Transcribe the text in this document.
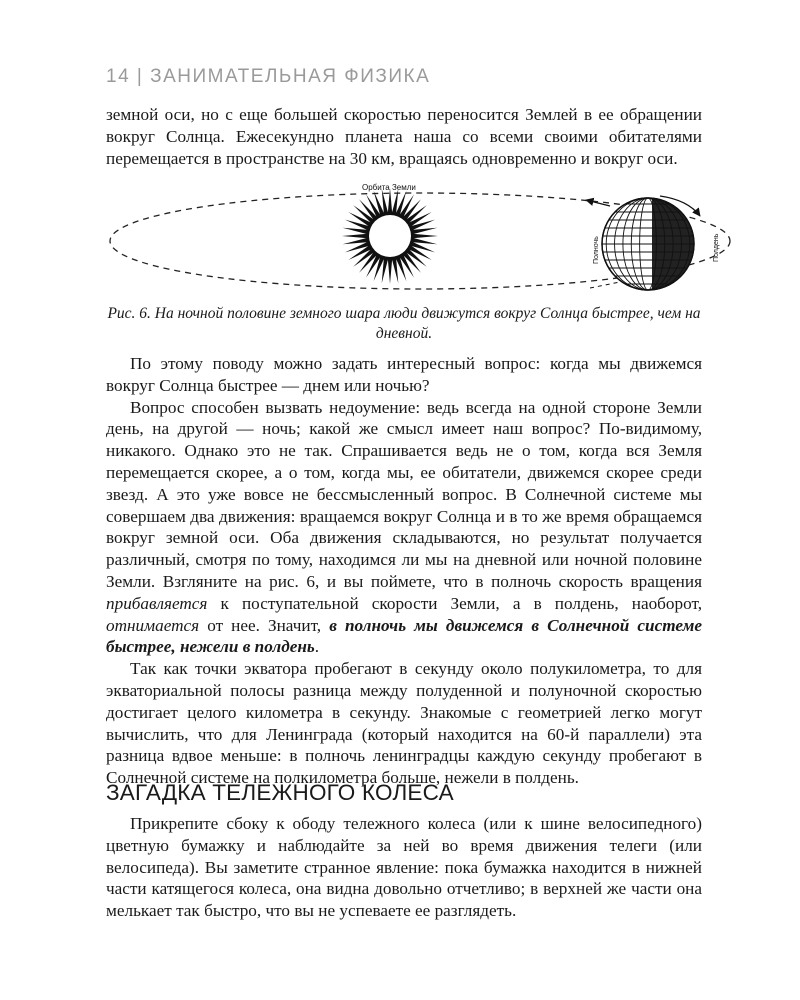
14 | ЗАНИМАТЕЛЬНАЯ ФИЗИКА

земной оси, но с еще большей скоростью переносится Землей в ее обращении вокруг Солнца. Ежесекундно планета наша со всеми своими обитателями перемещается в пространстве на 30 км, вращаясь одновременно и вокруг оси.

Орбита Земли
Полночь	Полдень
Рис. 6. На ночной половине земного шара люди движутся вокруг Солнца быстрее, чем на дневной.

По этому поводу можно задать интересный вопрос: когда мы движемся вокруг Солнца быстрее — днем или ночью?

Вопрос способен вызвать недоумение: ведь всегда на одной стороне Земли день, на другой — ночь; какой же смысл имеет наш вопрос? По-видимому, никакого. Однако это не так. Спрашивается ведь не о том, когда вся Земля перемещается скорее, а о том, когда мы, ее обитатели, движемся скорее среди звезд. А это уже вовсе не бессмысленный вопрос. В Солнечной системе мы совершаем два движения: вращаемся вокруг Солнца и в то же время обращаемся вокруг земной оси. Оба движения складываются, но результат получается различный, смотря по тому, находимся ли мы на дневной или ночной половине Земли. Взгляните на рис. 6, и вы поймете, что в полночь скорость вращения прибавляется к поступательной скорости Земли, а в полдень, наоборот, отнимается от нее. Значит, в полночь мы движемся в Солнечной системе быстрее, нежели в полдень.

Так как точки экватора пробегают в секунду около полукилометра, то для экваториальной полосы разница между полуденной и полуночной скоростью достигает целого километра в секунду. Знакомые с геометрией легко могут вычислить, что для Ленинграда (который находится на 60-й параллели) эта разница вдвое меньше: в полночь ленинградцы каждую секунду пробегают в Солнечной системе на полкилометра больше, нежели в полдень.

ЗАГАДКА ТЕЛЕЖНОГО КОЛЕСА

Прикрепите сбоку к ободу тележного колеса (или к шине велосипедного) цветную бумажку и наблюдайте за ней во время движения телеги (или велосипеда). Вы заметите странное явление: пока бумажка находится в нижней части катящегося колеса, она видна довольно отчетливо; в верхней же части она мелькает так быстро, что вы не успеваете ее разглядеть.
